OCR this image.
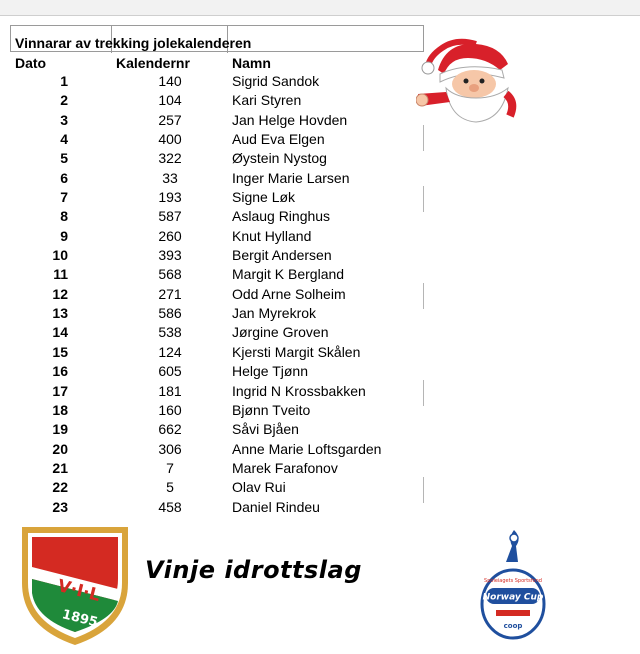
Vinnarar av trekking jolekalenderen
Dato	Kalendernr	Namn
1	140	Sigrid Sandok
2	104	Kari Styren
3	257	Jan Helge Hovden
4	400	Aud Eva Elgen
5	322	Øystein Nystog
6	33	Inger Marie Larsen
7	193	Signe Løk
8	587	Aslaug Ringhus
9	260	Knut Hylland
10	393	Bergit Andersen
11	568	Margit K Bergland
12	271	Odd Arne Solheim
13	586	Jan Myrekrok
14	538	Jørgine Groven
15	124	Kjersti Margit Skålen
16	605	Helge Tjønn
17	181	Ingrid N Krossbakken
18	160	Bjønn Tveito
19	662	Såvi Bjåen
20	306	Anne Marie Loftsgarden
21	7	Marek Farafonov
22	5	Olav Rui
23	458	Daniel Rindeu
V·I·L
1895
Vinje idrottslag	Spoleiagets Sportsfond
Norway Cup
coop
